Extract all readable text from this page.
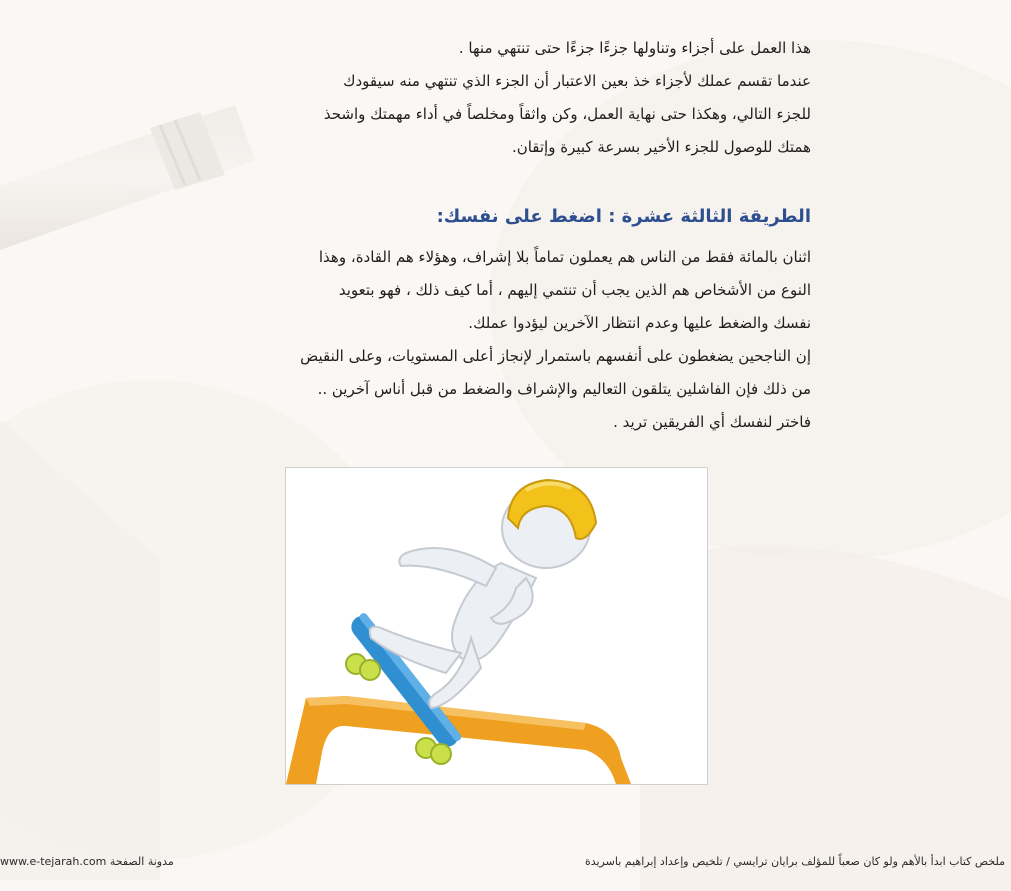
هذا العمل على أجزاء وتناولها جزءًا جزءًا حتى تنتهي منها .

عندما تقسم عملك لأجزاء خذ بعين الاعتبار أن الجزء الذي تنتهي منه سيقودك

للجزء التالي، وهكذا حتى نهاية العمل، وكن واثقاً ومخلصاً في أداء مهمتك واشحذ

همتك للوصول للجزء الأخير بسرعة كبيرة وإتقان.

الطريقة الثالثة عشرة : اضغط على نفسك:

اثنان بالمائة فقط من الناس هم يعملون تماماً بلا إشراف، وهؤلاء هم القادة، وهذا

النوع من الأشخاص هم الذين يجب أن تنتمي إليهم ، أما كيف ذلك ، فهو بتعويد

نفسك والضغط عليها وعدم انتظار الآخرين ليؤدوا عملك.

إن الناجحين يضغطون على أنفسهم باستمرار لإنجاز أعلى المستويات، وعلى النقيض

من ذلك فإن الفاشلين يتلقون التعاليم والإشراف والضغط من قبل أناس آخرين ..

فاختر لنفسك أي الفريقين تريد .

مدونة الصفحة www.e-tejarah.com	ملخص كتاب ابدأ بالأهم ولو كان صعباً للمؤلف برايان ترايسي / تلخيص وإعداد إبراهيم باسريدة
